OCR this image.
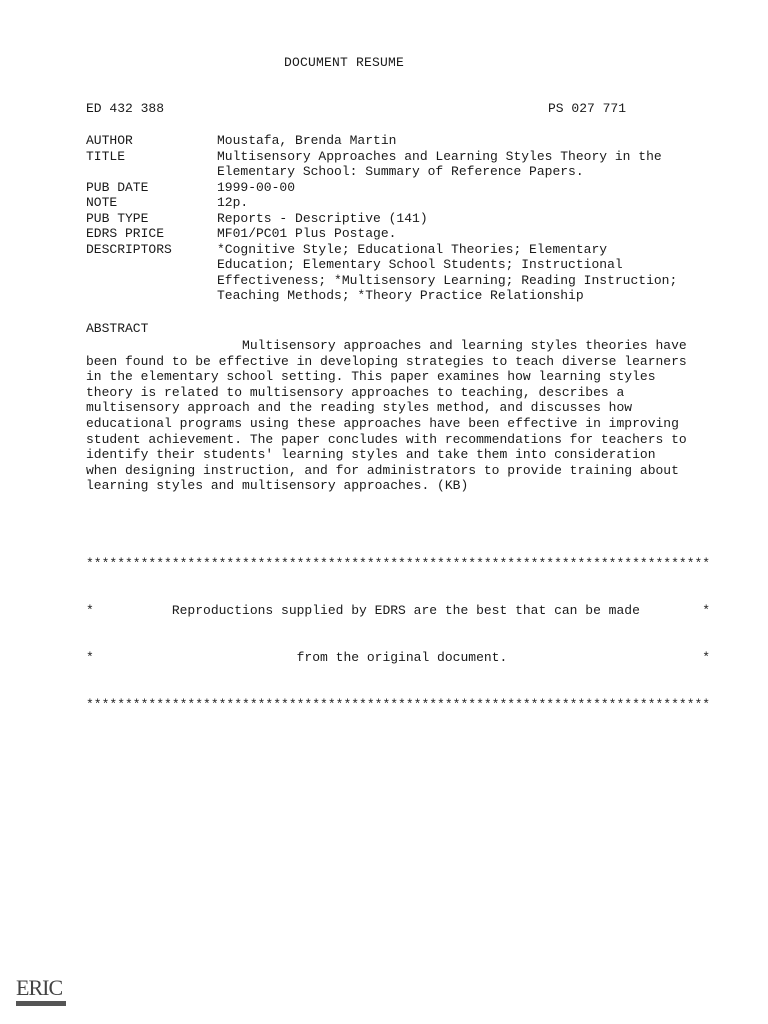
DOCUMENT RESUME
ED 432 388	PS 027 771
AUTHOR	Moustafa, Brenda Martin
TITLE	Multisensory Approaches and Learning Styles Theory in the
Elementary School: Summary of Reference Papers.
PUB DATE	1999-00-00
NOTE	12p.
PUB TYPE	Reports - Descriptive (141)
EDRS PRICE	MF01/PC01 Plus Postage.
DESCRIPTORS	*Cognitive Style; Educational Theories; Elementary
Education; Elementary School Students; Instructional
Effectiveness; *Multisensory Learning; Reading Instruction;
Teaching Methods; *Theory Practice Relationship
ABSTRACT
Multisensory approaches and learning styles theories have
been found to be effective in developing strategies to teach diverse learners
in the elementary school setting. This paper examines how learning styles
theory is related to multisensory approaches to teaching, describes a
multisensory approach and the reading styles method, and discusses how
educational programs using these approaches have been effective in improving
student achievement. The paper concludes with recommendations for teachers to
identify their students' learning styles and take them into consideration
when designing instruction, and for administrators to provide training about
learning styles and multisensory approaches. (KB)

********************************************************************************

*          Reproductions supplied by EDRS are the best that can be made        *

*                          from the original document.                         *

********************************************************************************

ERIC
